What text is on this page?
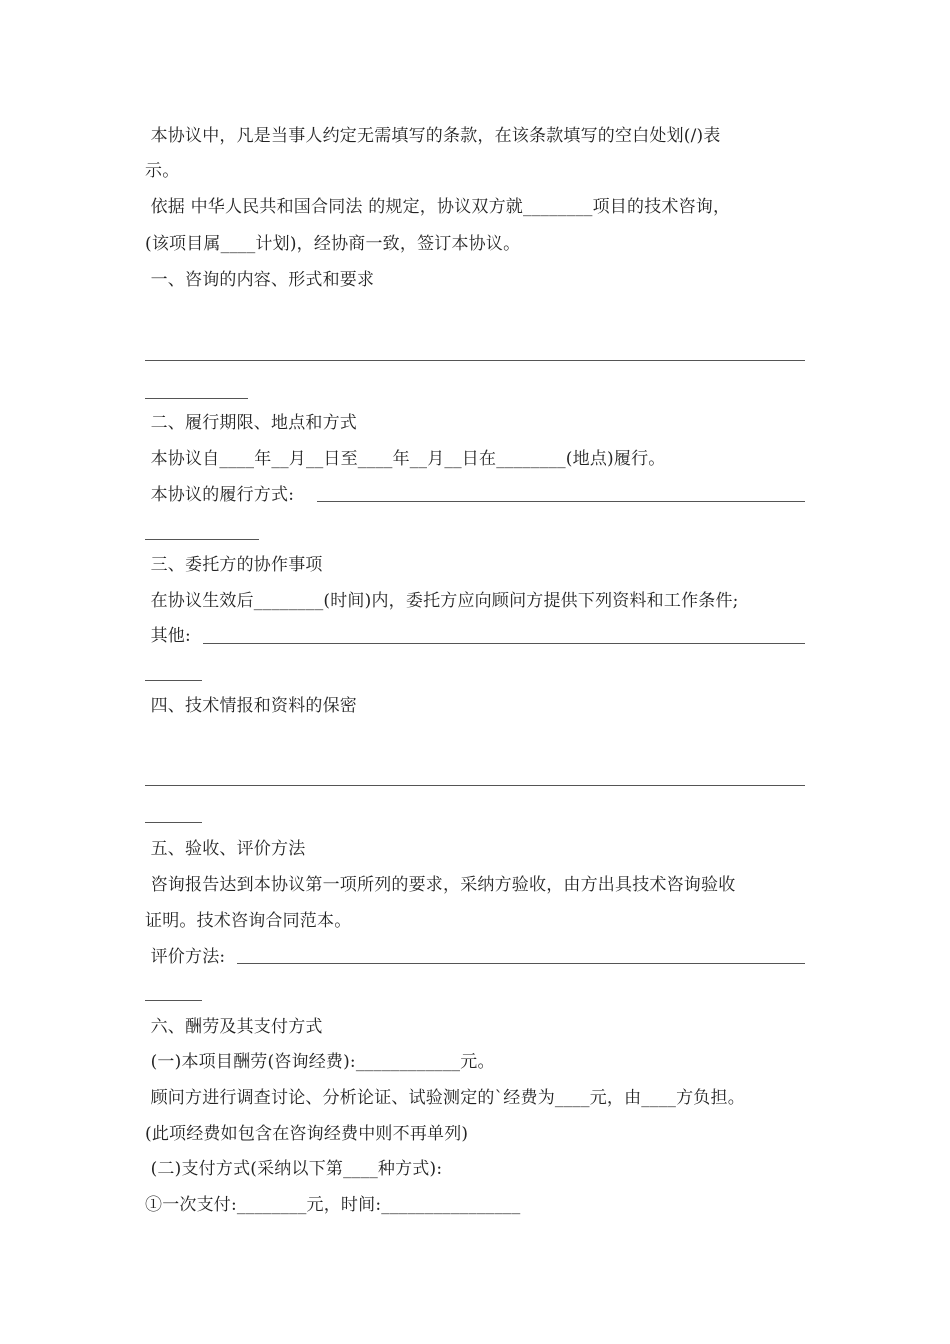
本协议中，凡是当事人约定无需填写的条款，在该条款填写的空白处划(/)表
示。
依据 中华人民共和国合同法 的规定，协议双方就________项目的技术咨询，
(该项目属____计划)，经协商一致，签订本协议。
一、咨询的内容、形式和要求
二、履行期限、地点和方式
本协议自____年__月__日至____年__月__日在________(地点)履行。
本协议的履行方式:
三、委托方的协作事项
在协议生效后________(时间)内，委托方应向顾问方提供下列资料和工作条件;
其他:
四、技术情报和资料的保密
五、验收、评价方法
咨询报告达到本协议第一项所列的要求，采纳方验收，由方出具技术咨询验收
证明。技术咨询合同范本。
评价方法:
六、酬劳及其支付方式
(一)本项目酬劳(咨询经费):____________元。
顾问方进行调查讨论、分析论证、试验测定的`经费为____元，由____方负担。
(此项经费如包含在咨询经费中则不再单列)
(二)支付方式(采纳以下第____种方式):
①一次支付:________元，时间:________________
